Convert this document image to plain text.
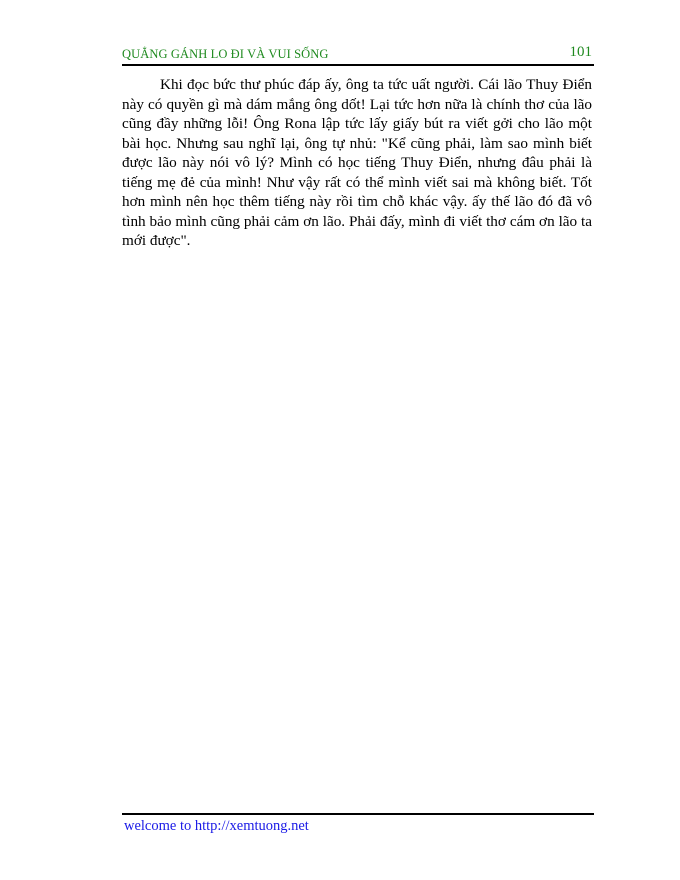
QUẲNG GÁNH LO ĐI VÀ VUI SỐNG	101

Khi đọc bức thư phúc đáp ấy, ông ta tức uất người. Cái lão Thuy Điển này có quyền gì mà dám mắng ông dốt! Lại tức hơn nữa là chính thơ của lão cũng đầy những lỗi! Ông Rona lập tức lấy giấy bút ra viết gởi cho lão một bài học. Nhưng sau nghĩ lại, ông tự nhủ: "Kể cũng phải, làm sao mình biết được lão này nói vô lý? Mình có học tiếng Thuy Điển, nhưng đâu phải là tiếng mẹ đẻ của mình! Như vậy rất có thể mình viết sai mà không biết. Tốt hơn mình nên học thêm tiếng này rồi tìm chỗ khác vậy. ấy thế lão đó đã vô tình bảo mình cũng phải cảm ơn lão. Phải đấy, mình đi viết thơ cám ơn lão ta mới được".

welcome to http://xemtuong.net
